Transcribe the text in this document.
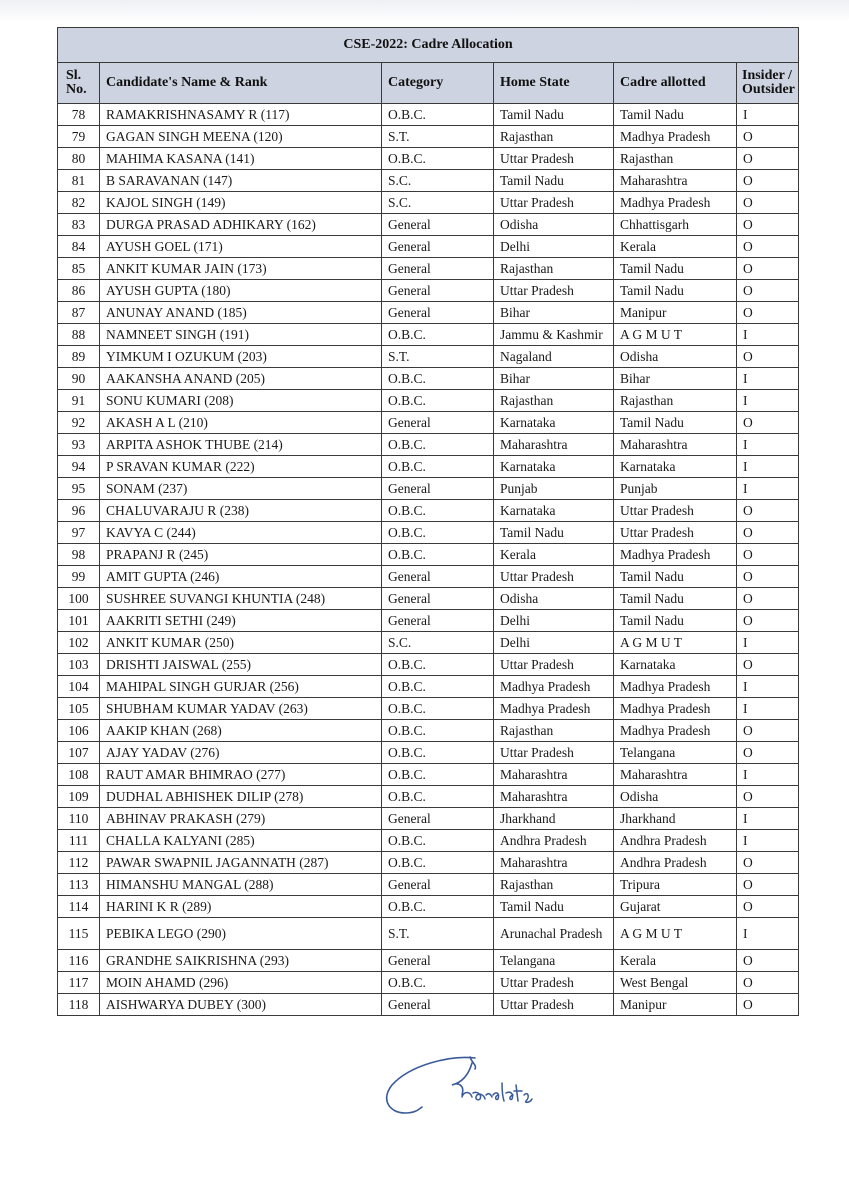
CSE-2022: Cadre Allocation					
Sl.
No.	Candidate's Name & Rank	Category	Home State	Cadre allotted	Insider /
Outsider
78	RAMAKRISHNASAMY R (117)	O.B.C.	Tamil Nadu	Tamil Nadu	I
79	GAGAN SINGH MEENA (120)	S.T.	Rajasthan	Madhya Pradesh	O
80	MAHIMA KASANA (141)	O.B.C.	Uttar Pradesh	Rajasthan	O
81	B SARAVANAN (147)	S.C.	Tamil Nadu	Maharashtra	O
82	KAJOL SINGH (149)	S.C.	Uttar Pradesh	Madhya Pradesh	O
83	DURGA PRASAD ADHIKARY (162)	General	Odisha	Chhattisgarh	O
84	AYUSH GOEL (171)	General	Delhi	Kerala	O
85	ANKIT KUMAR JAIN (173)	General	Rajasthan	Tamil Nadu	O
86	AYUSH GUPTA (180)	General	Uttar Pradesh	Tamil Nadu	O
87	ANUNAY ANAND (185)	General	Bihar	Manipur	O
88	NAMNEET SINGH (191)	O.B.C.	Jammu & Kashmir	A G M U T	I
89	YIMKUM I OZUKUM (203)	S.T.	Nagaland	Odisha	O
90	AAKANSHA ANAND (205)	O.B.C.	Bihar	Bihar	I
91	SONU KUMARI (208)	O.B.C.	Rajasthan	Rajasthan	I
92	AKASH A L (210)	General	Karnataka	Tamil Nadu	O
93	ARPITA ASHOK THUBE (214)	O.B.C.	Maharashtra	Maharashtra	I
94	P SRAVAN KUMAR (222)	O.B.C.	Karnataka	Karnataka	I
95	SONAM (237)	General	Punjab	Punjab	I
96	CHALUVARAJU R (238)	O.B.C.	Karnataka	Uttar Pradesh	O
97	KAVYA C (244)	O.B.C.	Tamil Nadu	Uttar Pradesh	O
98	PRAPANJ R (245)	O.B.C.	Kerala	Madhya Pradesh	O
99	AMIT GUPTA (246)	General	Uttar Pradesh	Tamil Nadu	O
100	SUSHREE SUVANGI KHUNTIA (248)	General	Odisha	Tamil Nadu	O
101	AAKRITI SETHI (249)	General	Delhi	Tamil Nadu	O
102	ANKIT KUMAR (250)	S.C.	Delhi	A G M U T	I
103	DRISHTI JAISWAL (255)	O.B.C.	Uttar Pradesh	Karnataka	O
104	MAHIPAL SINGH GURJAR (256)	O.B.C.	Madhya Pradesh	Madhya Pradesh	I
105	SHUBHAM KUMAR YADAV (263)	O.B.C.	Madhya Pradesh	Madhya Pradesh	I
106	AAKIP KHAN (268)	O.B.C.	Rajasthan	Madhya Pradesh	O
107	AJAY YADAV (276)	O.B.C.	Uttar Pradesh	Telangana	O
108	RAUT AMAR BHIMRAO (277)	O.B.C.	Maharashtra	Maharashtra	I
109	DUDHAL ABHISHEK DILIP (278)	O.B.C.	Maharashtra	Odisha	O
110	ABHINAV PRAKASH (279)	General	Jharkhand	Jharkhand	I
111	CHALLA KALYANI (285)	O.B.C.	Andhra Pradesh	Andhra Pradesh	I
112	PAWAR SWAPNIL JAGANNATH (287)	O.B.C.	Maharashtra	Andhra Pradesh	O
113	HIMANSHU MANGAL (288)	General	Rajasthan	Tripura	O
114	HARINI K R (289)	O.B.C.	Tamil Nadu	Gujarat	O
115	PEBIKA LEGO (290)	S.T.	Arunachal Pradesh	A G M U T	I
116	GRANDHE SAIKRISHNA (293)	General	Telangana	Kerala	O
117	MOIN AHAMD (296)	O.B.C.	Uttar Pradesh	West Bengal	O
118	AISHWARYA DUBEY (300)	General	Uttar Pradesh	Manipur	O
